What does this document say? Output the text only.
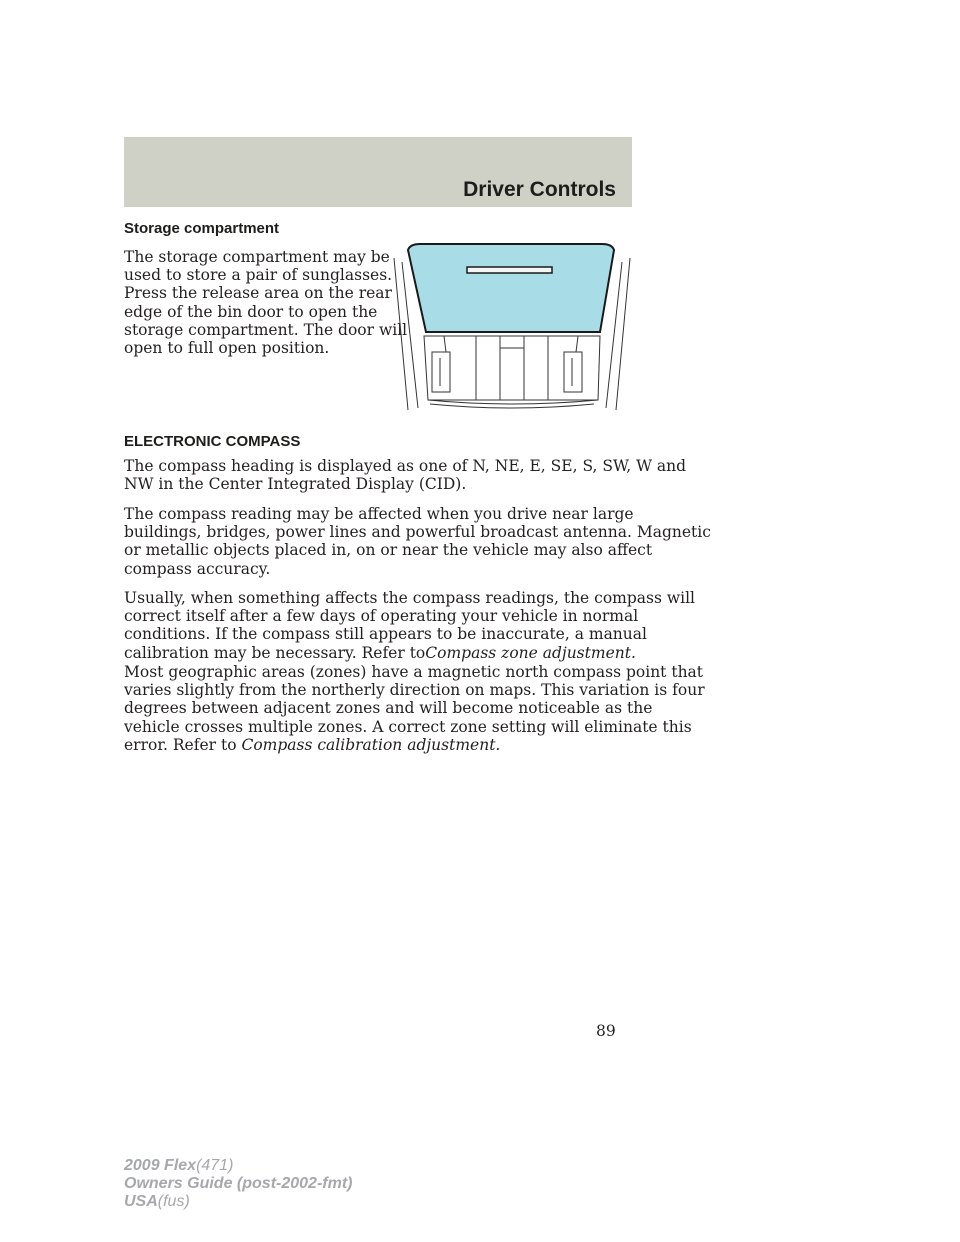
Driver Controls
Storage compartment

The storage compartment may be
used to store a pair of sunglasses.
Press the release area on the rear
edge of the bin door to open the
storage compartment. The door will
open to full open position.

ELECTRONIC COMPASS

The compass heading is displayed as one of N, NE, E, SE, S, SW, W and
NW in the Center Integrated Display (CID).

The compass reading may be affected when you drive near large
buildings, bridges, power lines and powerful broadcast antenna. Magnetic
or metallic objects placed in, on or near the vehicle may also affect
compass accuracy.

Usually, when something affects the compass readings, the compass will
correct itself after a few days of operating your vehicle in normal
conditions. If the compass still appears to be inaccurate, a manual
calibration may be necessary. Refer toCompass zone adjustment.

Most geographic areas (zones) have a magnetic north compass point that
varies slightly from the northerly direction on maps. This variation is four
degrees between adjacent zones and will become noticeable as the
vehicle crosses multiple zones. A correct zone setting will eliminate this
error. Refer to Compass calibration adjustment.

89
2009 Flex(471)
Owners Guide (post-2002-fmt)
USA(fus)
